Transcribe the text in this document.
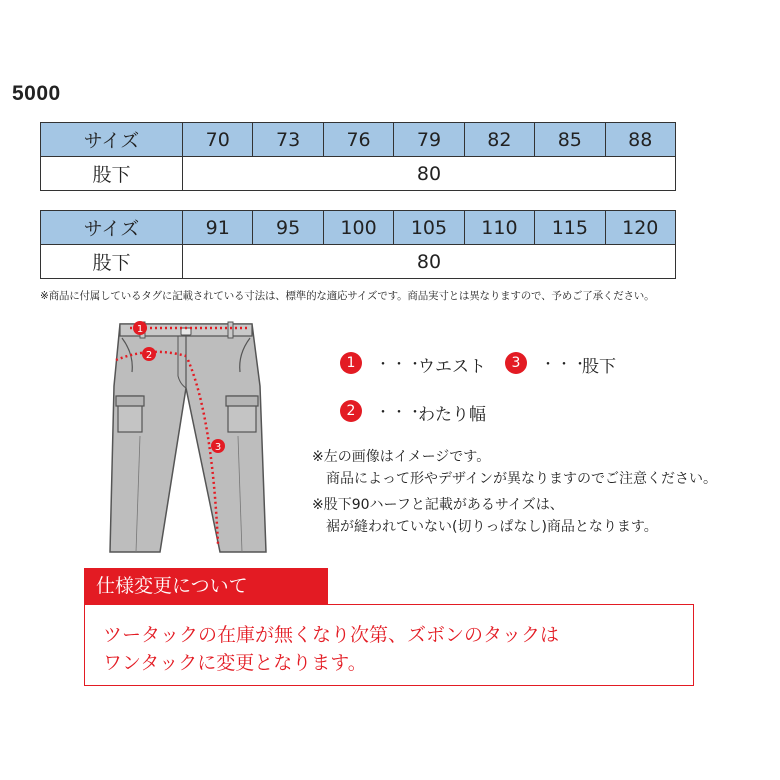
5000
サイズ	70	73	76	79	82	85	88
股下	80						
サイズ	91	95	100	105	110	115	120
股下	80						
※商品に付属しているタグに記載されている寸法は、標準的な適応サイズです。商品実寸とは異なりますので、予めご了承ください。
1
2
3
1	・・・
ウエスト	3	・・・
股下
2	・・・
わたり幅
※左の画像はイメージです。
商品によって形やデザインが異なりますのでご注意ください。
※股下90ハーフと記載があるサイズは、
裾が縫われていない(切りっぱなし)商品となります。
仕様変更について
ツータックの在庫が無くなり次第、ズボンのタックは
ワンタックに変更となります。
